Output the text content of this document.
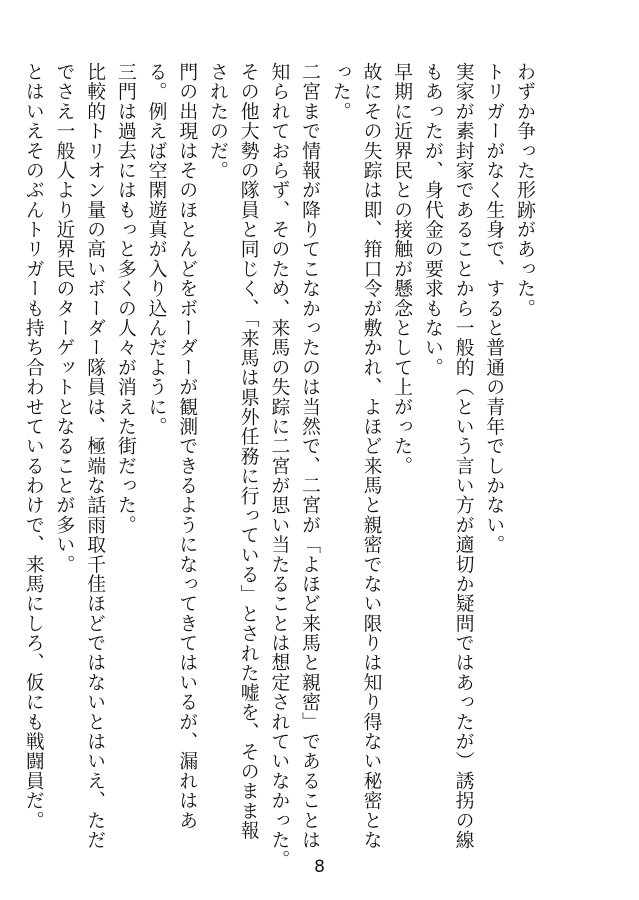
わずか争った形跡があった。
トリガーがなく生身で、すると普通の青年でしかない。
実家が素封家であることから一般的（という言い方が適切か疑問ではあったが）誘拐の線
もあったが、身代金の要求もない。
早期に近界民との接触が懸念として上がった。
故にその失踪は即、箝口令が敷かれ、よほど来馬と親密でない限りは知り得ない秘密とな
った。
二宮まで情報が降りてこなかったのは当然で、二宮が「よほど来馬と親密」であることは
知られておらず、そのため、来馬の失踪に二宮が思い当たることは想定されていなかった。
その他大勢の隊員と同じく、「来馬は県外任務に行っている」とされた嘘を、そのまま報
されたのだ。
門の出現はそのほとんどをボーダーが観測できるようになってきてはいるが、漏れはあ
る。例えば空閑遊真が入り込んだように。
三門は過去にはもっと多くの人々が消えた街だった。
比較的トリオン量の高いボーダー隊員は、極端な話雨取千佳ほどではないとはいえ、ただ
でさえ一般人より近界民のターゲットとなることが多い。
とはいえそのぶんトリガーも持ち合わせているわけで、来馬にしろ、仮にも戦闘員だ。
8
